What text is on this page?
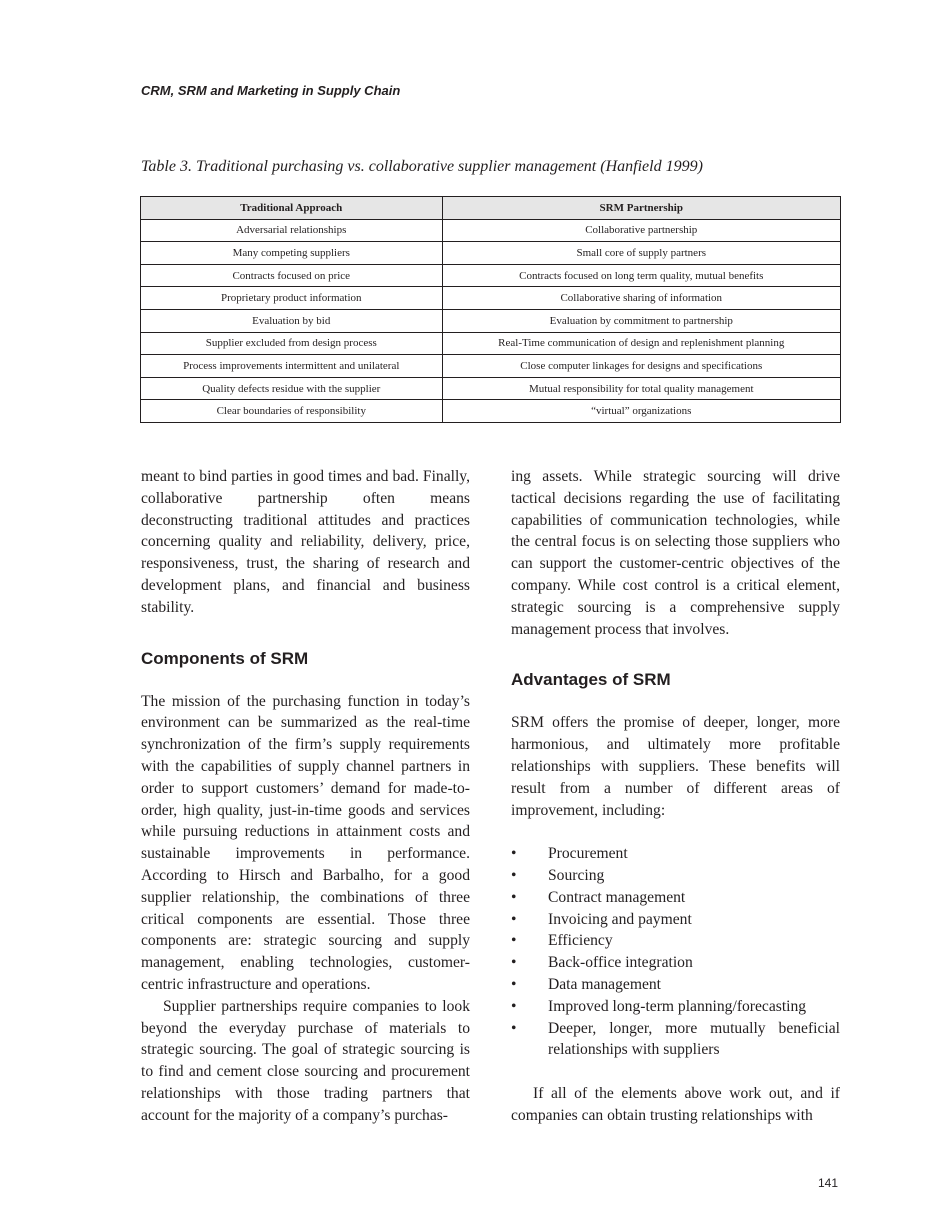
CRM, SRM and Marketing in Supply Chain
Table 3. Traditional purchasing vs. collaborative supplier management (Hanfield 1999)
Traditional Approach	SRM Partnership
Adversarial relationships	Collaborative partnership
Many competing suppliers	Small core of supply partners
Contracts focused on price	Contracts focused on long term quality, mutual benefits
Proprietary product information	Collaborative sharing of information
Evaluation by bid	Evaluation by commitment to partnership
Supplier excluded from design process	Real-Time communication of design and replenishment planning
Process improvements intermittent and unilateral	Close computer linkages for designs and specifications
Quality defects residue with the supplier	Mutual responsibility for total quality management
Clear boundaries of responsibility	“virtual” organizations

meant to bind parties in good times and bad. Finally, collaborative partnership often means deconstructing traditional attitudes and practices concerning quality and reliability, delivery, price, responsiveness, trust, the sharing of research and development plans, and financial and business stability.

Components of SRM

The mission of the purchasing function in today’s environment can be summarized as the real-time synchronization of the firm’s supply requirements with the capabilities of supply channel partners in order to support customers’ demand for made-to-order, high quality, just-in-time goods and services while pursuing reductions in attainment costs and sustainable improvements in performance. According to Hirsch and Barbalho, for a good supplier relationship, the combinations of three critical components are essential. Those three components are: strategic sourcing and supply management, enabling technologies, customer-centric infrastructure and operations.

Supplier partnerships require companies to look beyond the everyday purchase of materials to strategic sourcing. The goal of strategic sourcing is to find and cement close sourcing and procurement relationships with those trading partners that account for the majority of a company’s purchas-

ing assets. While strategic sourcing will drive tactical decisions regarding the use of facilitating capabilities of communication technologies, while the central focus is on selecting those suppliers who can support the customer-centric objectives of the company. While cost control is a critical element, strategic sourcing is a comprehensive supply management process that involves.

Advantages of SRM

SRM offers the promise of deeper, longer, more harmonious, and ultimately more profitable relationships with suppliers. These benefits will result from a number of different areas of improvement, including:

• Procurement
• Sourcing
• Contract management
• Invoicing and payment
• Efficiency
• Back-office integration
• Data management
• Improved long-term planning/forecasting
• Deeper, longer, more mutually beneficial relationships with suppliers

If all of the elements above work out, and if companies can obtain trusting relationships with

141
